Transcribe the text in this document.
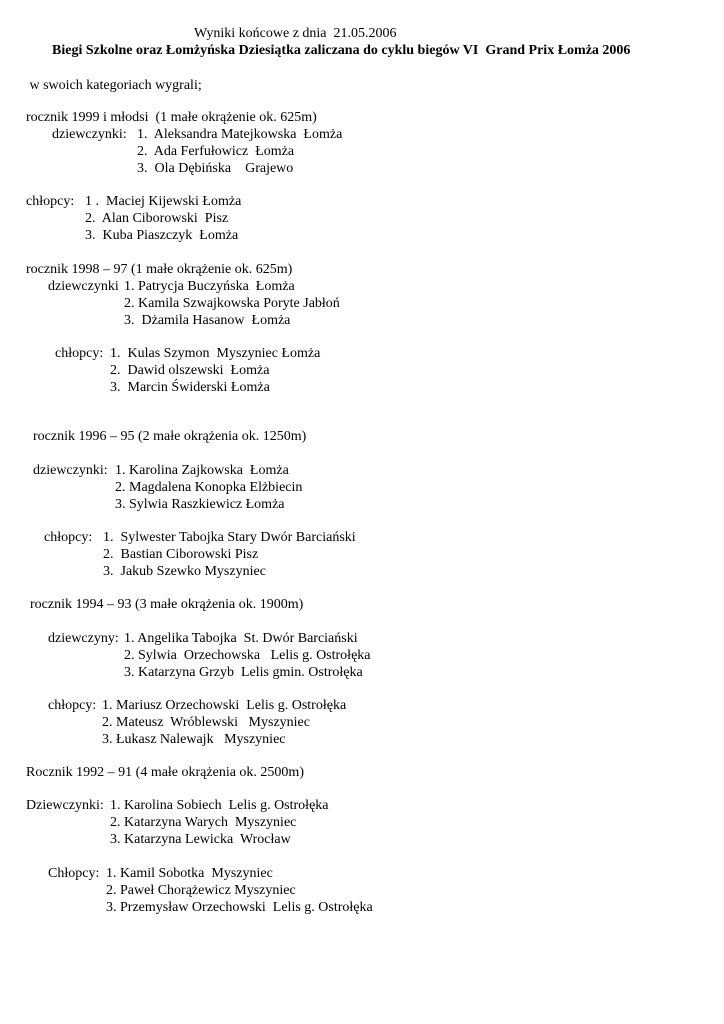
Wyniki końcowe z dnia  21.05.2006
Biegi Szkolne oraz Łomżyńska Dziesiątka zaliczana do cyklu biegów VI  Grand Prix Łomża 2006
w swoich kategoriach wygrali;
rocznik 1999 i młodsi  (1 małe okrążenie ok. 625m)
dziewczynki: 1.  Aleksandra Matejkowska  Łomża
2.  Ada Ferfułowicz  Łomża
3.  Ola Dębińska    Grajewo
chłopcy: 1 .  Maciej Kijewski Łomża
2.  Alan Ciborowski  Pisz
3.  Kuba Piaszczyk  Łomża
rocznik 1998 – 97 (1 małe okrążenie ok. 625m)
dziewczynki 1. Patrycja Buczyńska  Łomża
2. Kamila Szwajkowska Poryte Jabłoń
3.  Dżamila Hasanow  Łomża
chłopcy: 1.  Kulas Szymon  Myszyniec Łomża
2.  Dawid olszewski  Łomża
3.  Marcin Świderski Łomża
rocznik 1996 – 95 (2 małe okrążenia ok. 1250m)
dziewczynki: 1. Karolina Zajkowska  Łomża
2. Magdalena Konopka Elżbiecin
3. Sylwia Raszkiewicz Łomża
chłopcy: 1.  Sylwester Tabojka Stary Dwór Barciański
2.  Bastian Ciborowski Pisz
3.  Jakub Szewko Myszyniec
rocznik 1994 – 93 (3 małe okrążenia ok. 1900m)
dziewczyny: 1. Angelika Tabojka  St. Dwór Barciański
2. Sylwia  Orzechowska   Lelis g. Ostrołęka
3. Katarzyna Grzyb  Lelis gmin. Ostrołęka
chłopcy: 1. Mariusz Orzechowski  Lelis g. Ostrołęka
2. Mateusz  Wróblewski   Myszyniec
3. Łukasz Nalewajk   Myszyniec
Rocznik 1992 – 91 (4 małe okrążenia ok. 2500m)
Dziewczynki: 1. Karolina Sobiech  Lelis g. Ostrołęka
2. Katarzyna Warych  Myszyniec
3. Katarzyna Lewicka  Wrocław
Chłopcy: 1. Kamil Sobotka  Myszyniec
2. Paweł Chorążewicz Myszyniec
3. Przemysław Orzechowski  Lelis g. Ostrołęka
